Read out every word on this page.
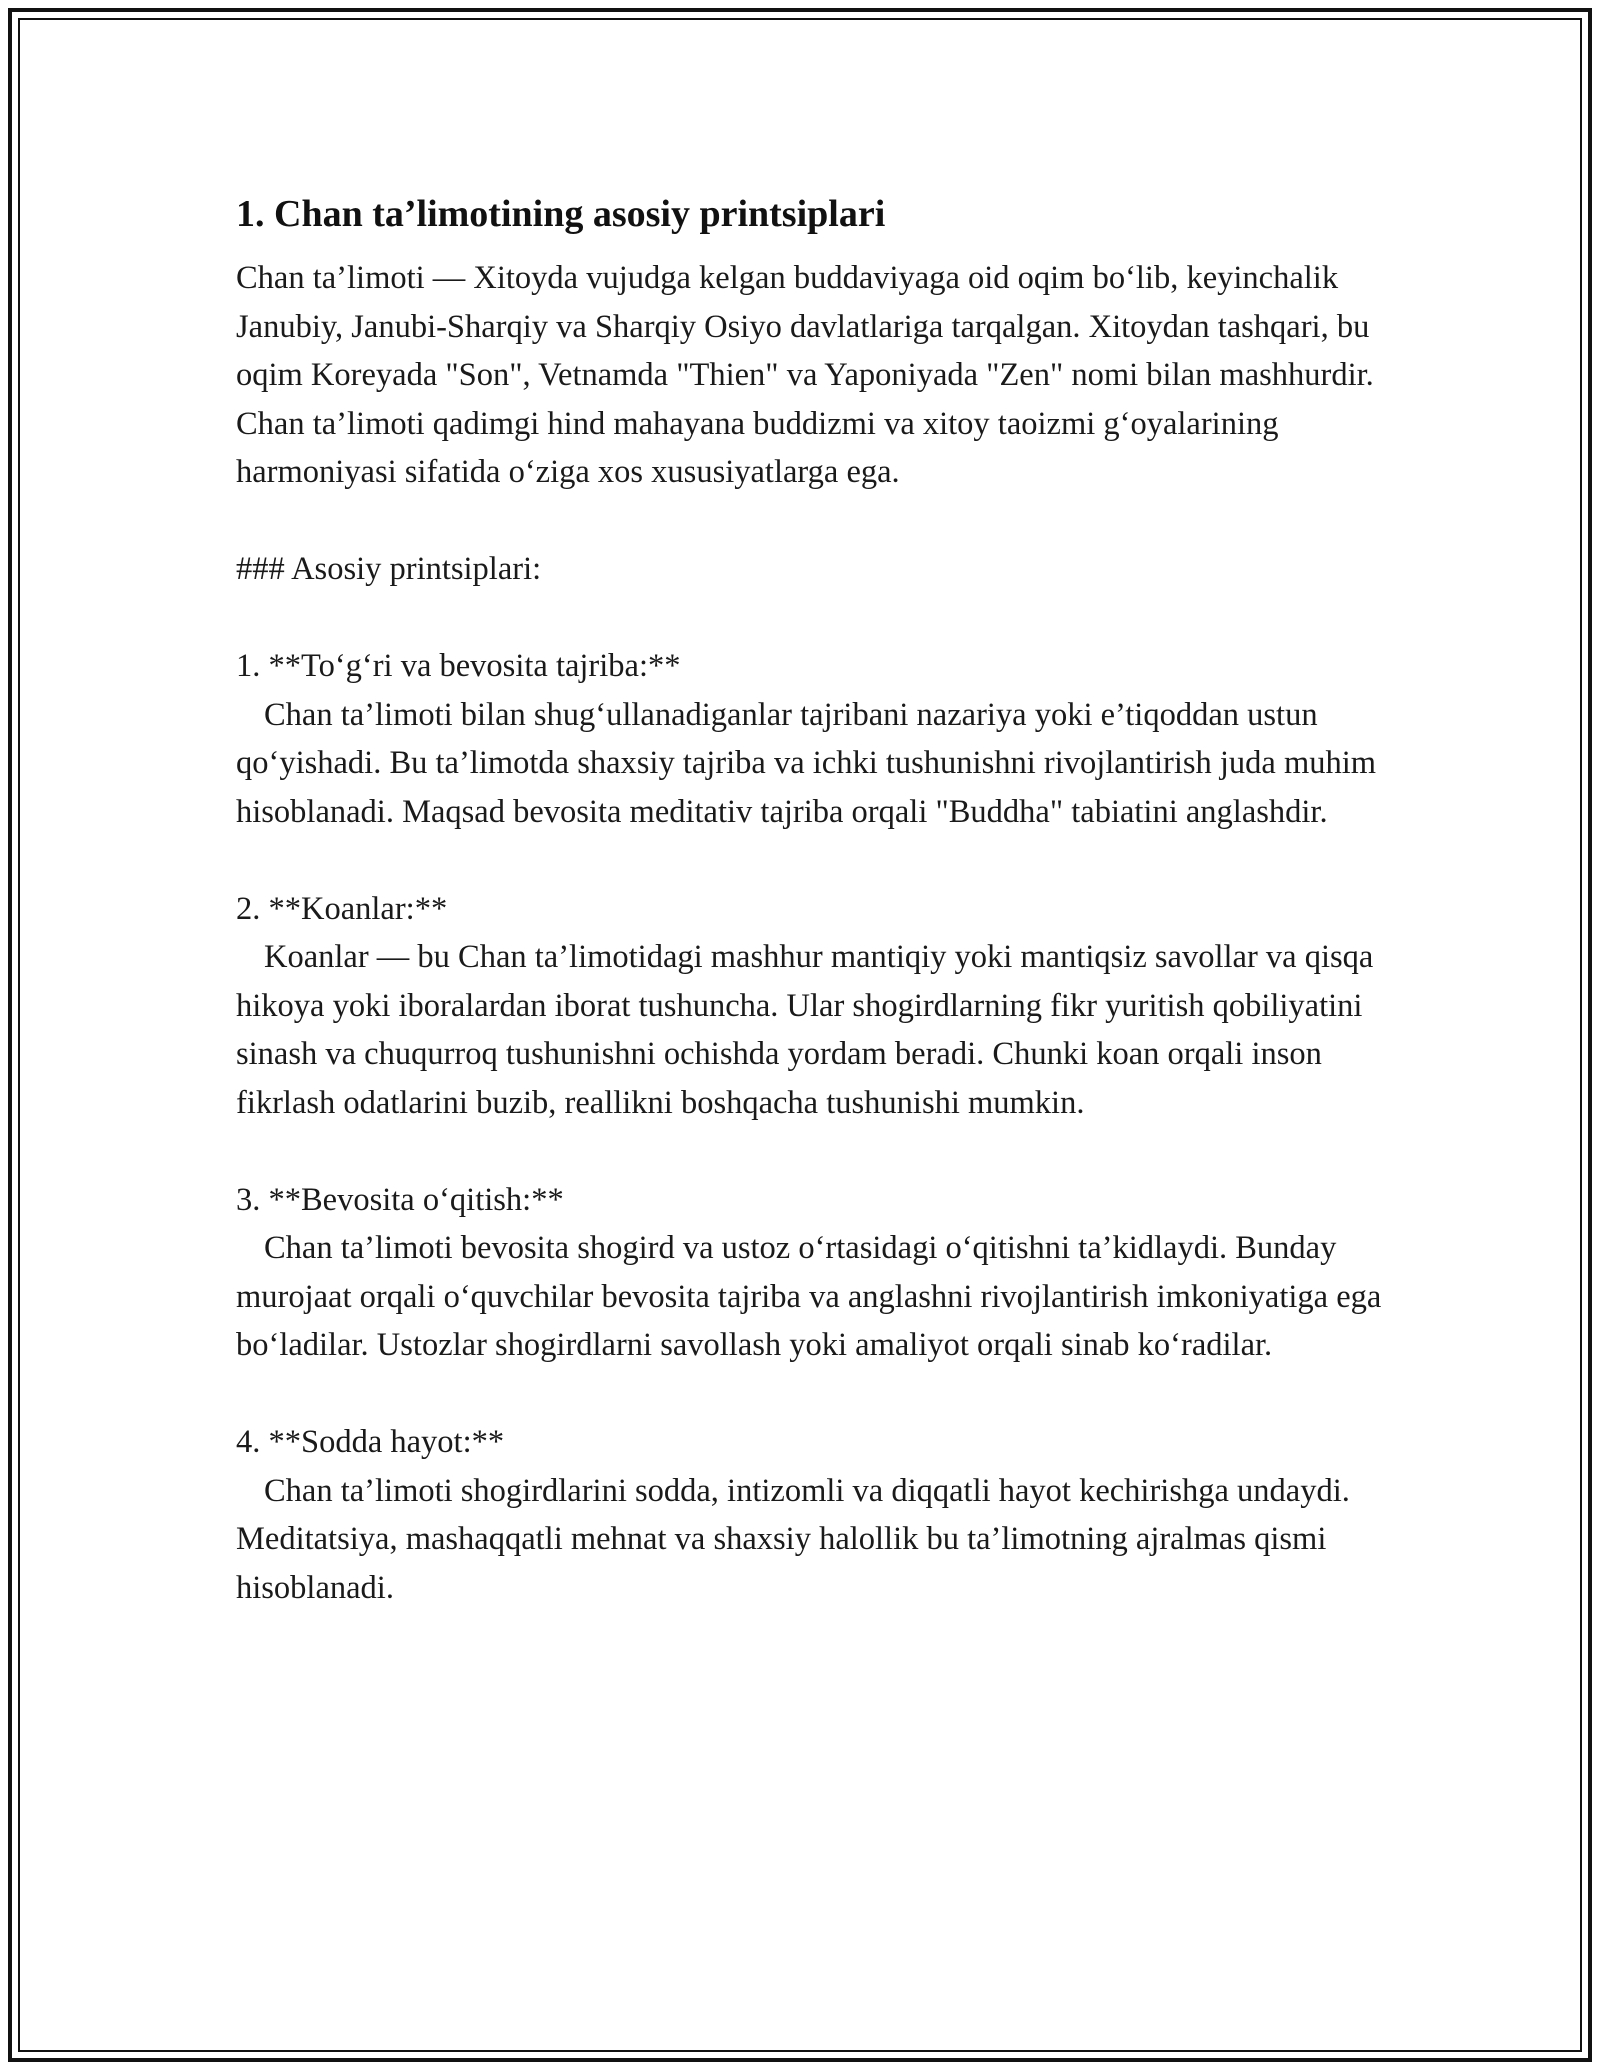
1. Chan ta’limotining asosiy printsiplari

Chan ta’limoti — Xitoyda vujudga kelgan buddaviyaga oid oqim bo‘lib, keyinchalik Janubiy, Janubi-Sharqiy va Sharqiy Osiyo davlatlariga tarqalgan. Xitoydan tashqari, bu oqim Koreyada "Son", Vetnamda "Thien" va Yaponiyada "Zen" nomi bilan mashhurdir. Chan ta’limoti qadimgi hind mahayana buddizmi va xitoy taoizmi g‘oyalarining harmoniyasi sifatida o‘ziga xos xususiyatlarga ega.

### Asosiy printsiplari:

1. **To‘g‘ri va bevosita tajriba:**

Chan ta’limoti bilan shug‘ullanadiganlar tajribani nazariya yoki e’tiqoddan ustun qo‘yishadi. Bu ta’limotda shaxsiy tajriba va ichki tushunishni rivojlantirish juda muhim hisoblanadi. Maqsad bevosita meditativ tajriba orqali "Buddha" tabiatini anglashdir.

2. **Koanlar:**

Koanlar — bu Chan ta’limotidagi mashhur mantiqiy yoki mantiqsiz savollar va qisqa hikoya yoki iboralardan iborat tushuncha. Ular shogirdlarning fikr yuritish qobiliyatini sinash va chuqurroq tushunishni ochishda yordam beradi. Chunki koan orqali inson fikrlash odatlarini buzib, reallikni boshqacha tushunishi mumkin.

3. **Bevosita o‘qitish:**

Chan ta’limoti bevosita shogird va ustoz o‘rtasidagi o‘qitishni ta’kidlaydi. Bunday murojaat orqali o‘quvchilar bevosita tajriba va anglashni rivojlantirish imkoniyatiga ega bo‘ladilar. Ustozlar shogirdlarni savollash yoki amaliyot orqali sinab ko‘radilar.

4. **Sodda hayot:**

Chan ta’limoti shogirdlarini sodda, intizomli va diqqatli hayot kechirishga undaydi. Meditatsiya, mashaqqatli mehnat va shaxsiy halollik bu ta’limotning ajralmas qismi hisoblanadi.
